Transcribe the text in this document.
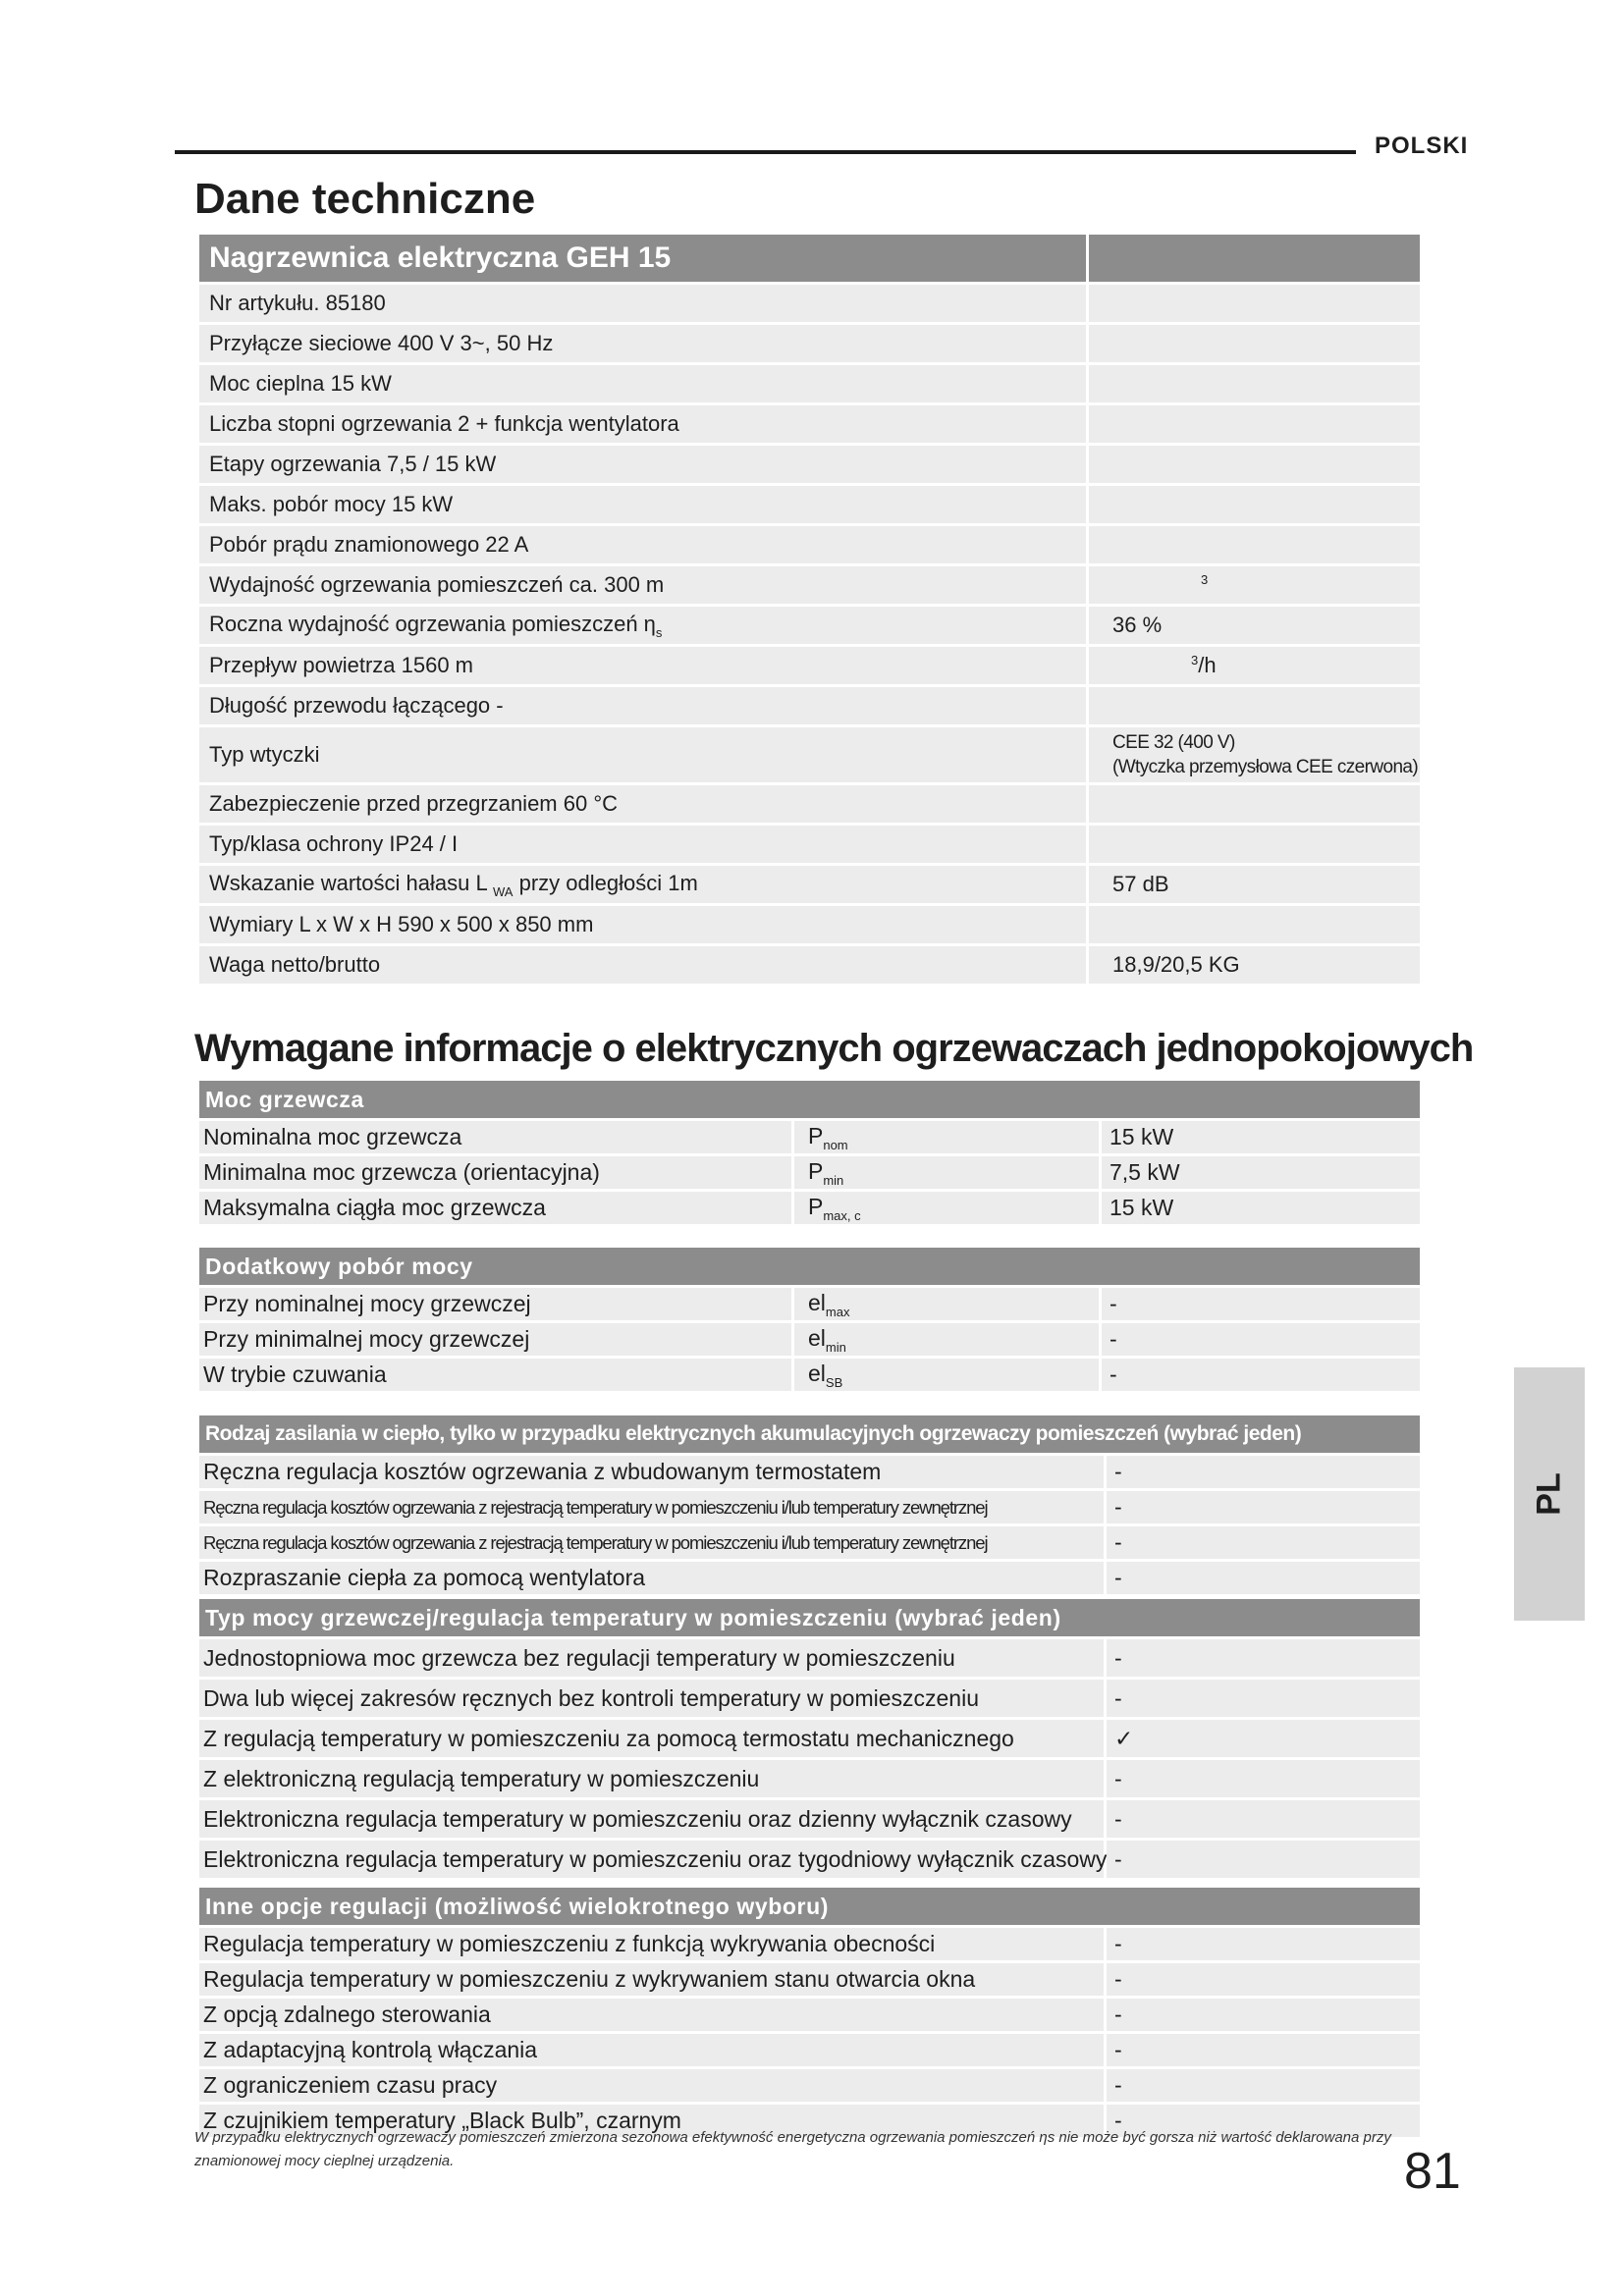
POLSKI
Dane techniczne
Nagrzewnica elektryczna GEH 15	
Nr artykułu. 85180	
Przyłącze sieciowe 400 V 3~, 50 Hz	
Moc cieplna 15 kW	
Liczba stopni ogrzewania 2 + funkcja wentylatora	
Etapy ogrzewania 7,5 / 15 kW	
Maks. pobór mocy 15 kW	
Pobór prądu znamionowego 22 A	
Wydajność ogrzewania pomieszczeń ca. 300 m	$^3$
Roczna wydajność ogrzewania pomieszczeń $\eta_s$	36 %
Przepływ powietrza 1560 m	$^3$/h
Długość przewodu łączącego -	
Typ wtyczki	CEE 32 (400 V)
(Wtyczka przemysłowa CEE czerwona)

Zabezpieczenie przed przegrzaniem 60 °C	
Typ/klasa ochrony IP24 / I	
Wskazanie wartości hałasu L $_{WA}$ przy odległości 1m	57 dB
Wymiary L x W x H 590 x 500 x 850 mm	
Waga netto/brutto	18,9/20,5 KG
Wymagane informacje o elektrycznych ogrzewaczach jednopokojowych
Moc grzewcza		
Nominalna moc grzewcza	$P_{nom}$	15 kW
Minimalna moc grzewcza (orientacyjna)	$P_{min}$	7,5 kW
Maksymalna ciągła moc grzewcza	$P_{max, c}$	15 kW
Dodatkowy pobór mocy		
Przy nominalnej mocy grzewczej	$el_{max}$	-
Przy minimalnej mocy grzewczej	$el_{min}$	-
W trybie czuwania	$el_{SB}$	-
Rodzaj zasilania w ciepło, tylko w przypadku elektrycznych akumulacyjnych ogrzewaczy pomieszczeń (wybrać jeden)	
Ręczna regulacja kosztów ogrzewania z wbudowanym termostatem	-
Ręczna regulacja kosztów ogrzewania z rejestracją temperatury w pomieszczeniu i/lub temperatury zewnętrznej	-
Ręczna regulacja kosztów ogrzewania z rejestracją temperatury w pomieszczeniu i/lub temperatury zewnętrznej	-
Rozpraszanie ciepła za pomocą wentylatora	-
Typ mocy grzewczej/regulacja temperatury w pomieszczeniu (wybrać jeden)	
Jednostopniowa moc grzewcza bez regulacji temperatury w pomieszczeniu	-
Dwa lub więcej zakresów ręcznych bez kontroli temperatury w pomieszczeniu	-
Z regulacją temperatury w pomieszczeniu za pomocą termostatu mechanicznego	✓
Z elektroniczną regulacją temperatury w pomieszczeniu	-
Elektroniczna regulacja temperatury w pomieszczeniu oraz dzienny wyłącznik czasowy	-
Elektroniczna regulacja temperatury w pomieszczeniu oraz tygodniowy wyłącznik czasowy	-
Inne opcje regulacji (możliwość wielokrotnego wyboru)	
Regulacja temperatury w pomieszczeniu z funkcją wykrywania obecności	-
Regulacja temperatury w pomieszczeniu z wykrywaniem stanu otwarcia okna	-
Z opcją zdalnego sterowania	-
Z adaptacyjną kontrolą włączania	-
Z ograniczeniem czasu pracy	-
Z czujnikiem temperatury „Black Bulb”, czarnym	-
W przypadku elektrycznych ogrzewaczy pomieszczeń zmierzona sezonowa efektywność energetyczna ogrzewania pomieszczeń ηs nie może być gorsza niż wartość deklarowana przy znamionowej mocy cieplnej urządzenia.
PL
81
